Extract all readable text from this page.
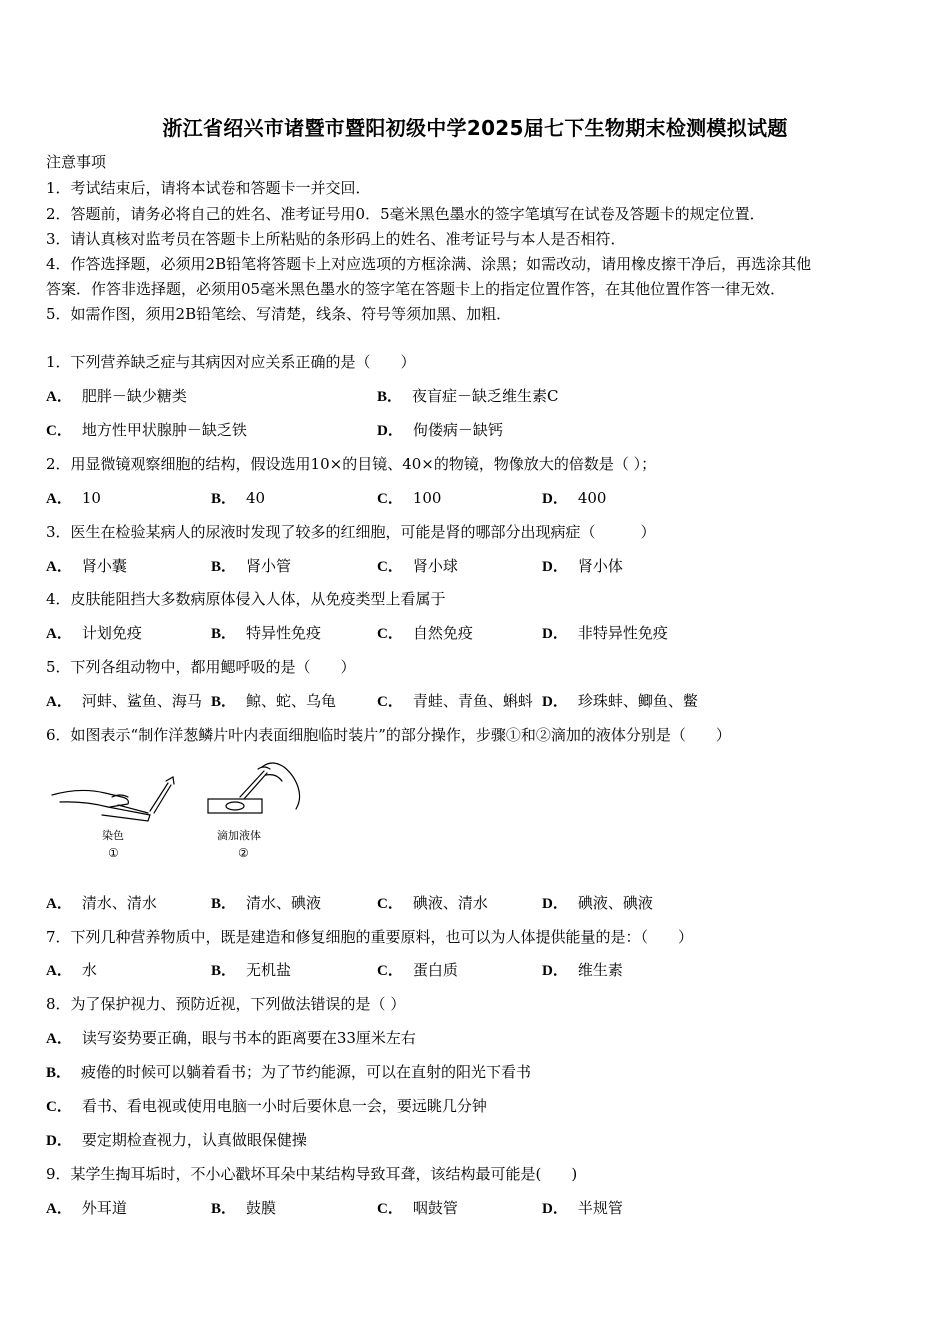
浙江省绍兴市诸暨市暨阳初级中学2025届七下生物期末检测模拟试题
注意事项
1．考试结束后，请将本试卷和答题卡一并交回．
2．答题前，请务必将自己的姓名、准考证号用0．5毫米黑色墨水的签字笔填写在试卷及答题卡的规定位置．
3．请认真核对监考员在答题卡上所粘贴的条形码上的姓名、准考证号与本人是否相符．
4．作答选择题，必须用2B铅笔将答题卡上对应选项的方框涂满、涂黑；如需改动，请用橡皮擦干净后，再选涂其他
答案．作答非选择题，必须用05毫米黑色墨水的签字笔在答题卡上的指定位置作答，在其他位置作答一律无效．
5．如需作图，须用2B铅笔绘、写清楚，线条、符号等须加黑、加粗．
1．下列营养缺乏症与其病因对应关系正确的是（　　）
A． 肥胖－缺少糖类	B． 夜盲症－缺乏维生素C
C． 地方性甲状腺肿－缺乏铁	D． 佝偻病－缺钙
2．用显微镜观察细胞的结构，假设选用10×的目镜、40×的物镜，物像放大的倍数是（ ）；
A． 10	B． 40	C． 100	D． 400
3．医生在检验某病人的尿液时发现了较多的红细胞，可能是肾的哪部分出现病症（　　　）
A． 肾小囊	B． 肾小管	C． 肾小球	D． 肾小体
4．皮肤能阻挡大多数病原体侵入人体，从免疫类型上看属于
A． 计划免疫	B． 特异性免疫	C． 自然免疫	D． 非特异性免疫
5．下列各组动物中，都用鳃呼吸的是（　　）
A． 河蚌、鲨鱼、海马 B． 鲸、蛇、乌龟	C． 青蛙、青鱼、蝌蚪 D． 珍珠蚌、鲫鱼、鳖
6．如图表示“制作洋葱鳞片叶内表面细胞临时装片”的部分操作，步骤①和②滴加的液体分别是（　　）
染色
①
滴加液体
②
A． 清水、清水	B． 清水、碘液	C． 碘液、清水	D． 碘液、碘液
7．下列几种营养物质中，既是建造和修复细胞的重要原料，也可以为人体提供能量的是：（　　）
A． 水	B． 无机盐	C． 蛋白质	D． 维生素
8．为了保护视力、预防近视，下列做法错误的是（ ）
A． 读写姿势要正确，眼与书本的距离要在33厘米左右
B． 疲倦的时候可以躺着看书；为了节约能源，可以在直射的阳光下看书
C． 看书、看电视或使用电脑一小时后要休息一会，要远眺几分钟
D． 要定期检查视力，认真做眼保健操
9．某学生掏耳垢时，不小心戳坏耳朵中某结构导致耳聋，该结构最可能是(　　)
A． 外耳道	B． 鼓膜	C． 咽鼓管	D． 半规管
